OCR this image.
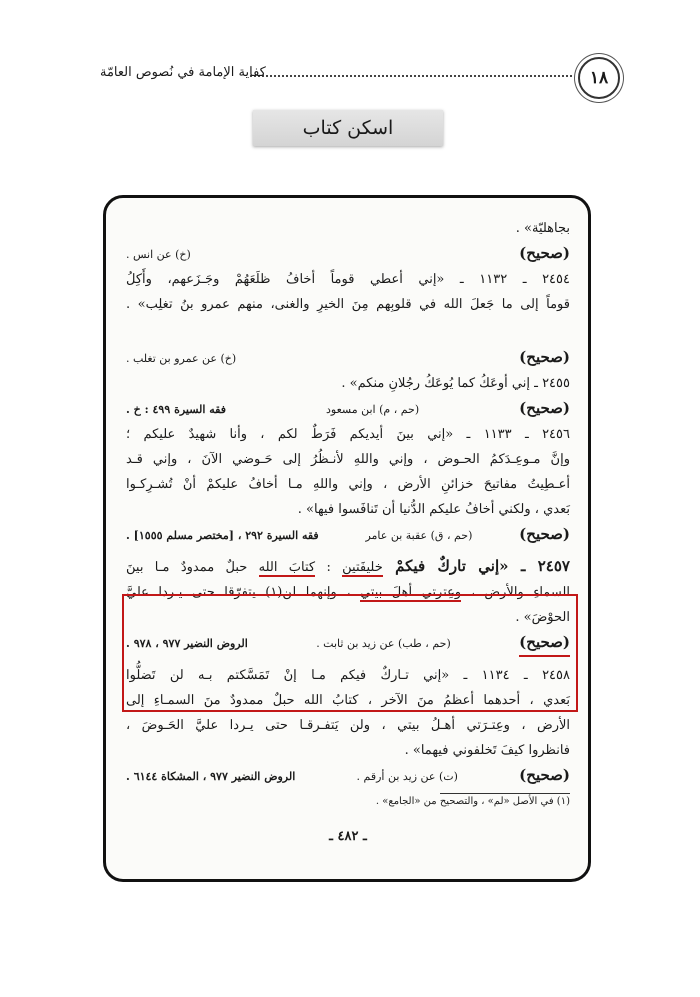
١٨
كفاية الإمامة في نُصوص العامّة
اسكن كتاب
بجاهليّة» .
(صحيح)
(خ) عن انس .
٢٤٥٤ ـ ١١٣٢ ـ «إني أعطي قوماً أخافُ ظلَعَهُمْ وجَـزَعهم، وأَكِلُ
قوماً إلى ما جَعلَ الله في قلوبِهم مِنَ الخيرِ والغنى، منهم عمرو بنُ تغلِب» .
(صحيح)
(خ) عن عمرو بن تغلب .
٢٤٥٥ ـ إني أوعَكُ كما يُوعَكُ رجُلانِ منكم» .
(صحيح)
(حم ، م) ابن مسعود
فقه السيرة ٤٩٩ : خ .
٢٤٥٦ ـ ١١٣٣ ـ «إني بينَ أيديكم فَرَطٌ لكم ، وأنا شهيدٌ عليكم ؛
وإنَّ مـوعِـدَكمُ الحـوض ، وإني واللهِ لأنـظُرُ إلى حَـوضي الآنَ ، وإني قـد
أعـطِيتُ مفاتيحَ خزائنِ الأرض ، وإني واللهِ مـا أخافُ عليكمْ أنْ تُشـرِكـوا
بَعدي ، ولكني أخافُ عليكم الدُّنيا أن تَنافَسوا فيها» .
(صحيح)
(حم ، ق) عقبة بن عامر
فقه السيرة ٢٩٢ ، [مختصر مسلم ١٥٥٥] .
٢٤٥٧ ـ «إني تاركٌ فيكمْ خليفَتين : كتابَ الله حبلٌ ممدودٌ مـا بينَ
السماءِ والأرض ، وعِترتي أهلَ بيتي ، وإنهما لن(١) يتفرّقا حتى يـردا عليَّ
الحوْضَ» .
(صحيح)
(حم ، طب) عن زيد بن ثابت .
الروض النضير ٩٧٧ ، ٩٧٨ .
٢٤٥٨ ـ ١١٣٤ ـ «إني تـاركٌ فيكم مـا إنْ تَمَسَّكتم بـه لن تَضلُّوا
بَعدي ، أحدهما أعظمُ منَ الآخر ، كتابُ الله حبلٌ ممدودٌ منَ السمـاءِ إلى
الأرض ، وعِتـرَتي أهـلُ بيتي ، ولن يَتفـرقـا حتى يـردا عليَّ الحَـوضَ ،
فانظروا كيفَ تَخلفوني فيهما» .
(صحيح)
(ت) عن زيد بن أرقم .
الروض النضير ٩٧٧ ، المشكاة ٦١٤٤ .
(١) في الأصل «لم» ، والتصحيح من «الجامع» .
ـ ٤٨٢ ـ
